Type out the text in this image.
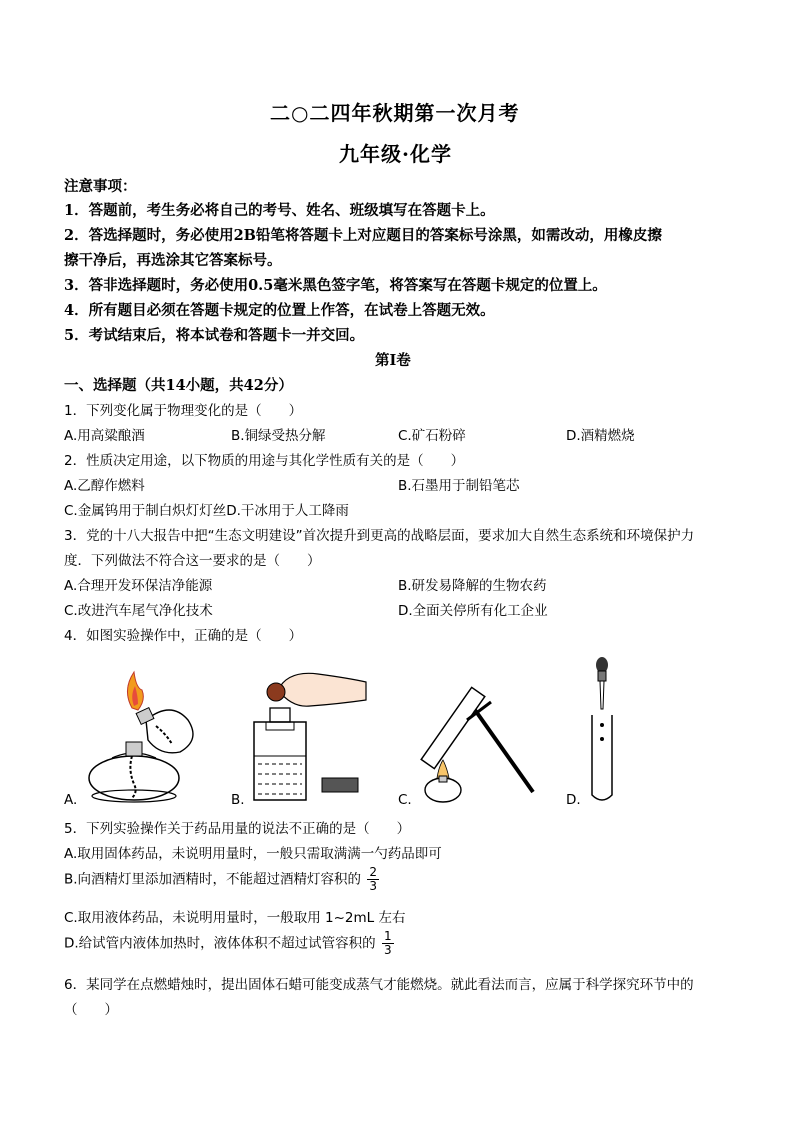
二○二四年秋期第一次月考
九年级·化学
注意事项：
1．答题前，考生务必将自己的考号、姓名、班级填写在答题卡上。
2．答选择题时，务必使用2B铅笔将答题卡上对应题目的答案标号涂黑，如需改动，用橡皮擦
擦干净后，再选涂其它答案标号。
3．答非选择题时，务必使用0.5毫米黑色签字笔，将答案写在答题卡规定的位置上。
4．所有题目必须在答题卡规定的位置上作答，在试卷上答题无效。
5．考试结束后，将本试卷和答题卡一并交回。
第Ⅰ卷
一、选择题（共14小题，共42分）
1．下列变化属于物理变化的是（　　）
A.用高粱酿酒	B.铜绿受热分解	C.矿石粉碎	D.酒精燃烧
2．性质决定用途，以下物质的用途与其化学性质有关的是（　　）
A.乙醇作燃料	B.石墨用于制铅笔芯
C.金属钨用于制白炽灯灯丝D.干冰用于人工降雨
3．党的十八大报告中把“生态文明建设”首次提升到更高的战略层面，要求加大自然生态系统和环境保护力
度．下列做法不符合这一要求的是（　　）
A.合理开发环保洁净能源	B.研发易降解的生物农药
C.改进汽车尾气净化技术	D.全面关停所有化工企业
4．如图实验操作中，正确的是（　　）
A.	B.	C.	D.
5．下列实验操作关于药品用量的说法不正确的是（　　）
A.取用固体药品，未说明用量时，一般只需取满满一勺药品即可
B.向酒精灯里添加酒精时，不能超过酒精灯容积的 $\frac{2}{3}$
C.取用液体药品，未说明用量时，一般取用 1~2mL 左右
D.给试管内液体加热时，液体体积不超过试管容积的 $\frac{1}{3}$
6．某同学在点燃蜡烛时，提出固体石蜡可能变成蒸气才能燃烧。就此看法而言，应属于科学探究环节中的
（　　）
